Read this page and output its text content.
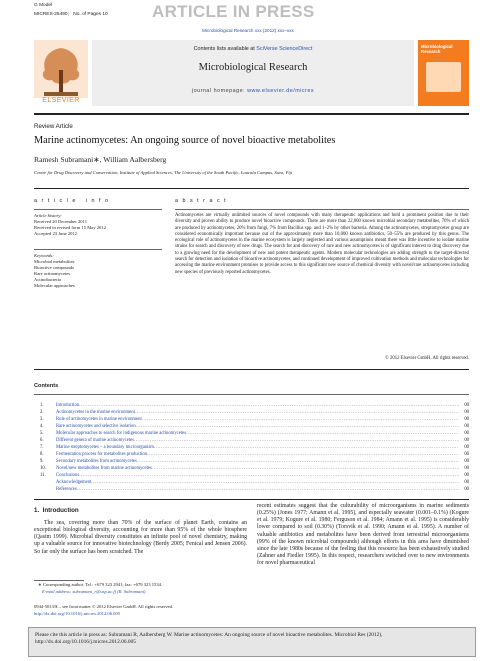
G Model
MICRES-25490; No. of Pages 10	ARTICLE IN PRESS
Microbiological Research xxx (2012) xxx–xxx
ELSEVIER
Contents lists available at SciVerse ScienceDirect
Microbiological Research
journal homepage: www.elsevier.de/micres
Microbiological Research
Review Article
Marine actinomycetes: An ongoing source of novel bioactive metabolites
Ramesh Subramani∗, William Aalbersberg
Centre for Drug Discovery and Conservation, Institute of Applied Sciences, The University of the South Pacific, Laucala Campus, Suva, Fiji
a r t i c l e   i n f o
Article history:
Received 20 December 2011
Received in revised form 15 May 2012
Accepted 23 June 2012
Keywords:
Microbial metabolites
Bioactive compounds
Rare actinomycetes
Actinobacteria
Molecular approaches
a b s t r a c t
Actinomycetes are virtually unlimited sources of novel compounds with many therapeutic applications and hold a prominent position due to their diversity and proven ability to produce novel bioactive compounds. There are more than 22,000 known microbial secondary metabolites, 70% of which are produced by actinomycetes, 20% from fungi, 7% from Bacillus spp. and 1–2% by other bacteria. Among the actinomycetes, streptomycetes group are considered economically important because out of the approximately more than 10,000 known antibiotics, 50–55% are produced by this genus. The ecological role of actinomycetes in the marine ecosystem is largely neglected and various assumptions meant there was little incentive to isolate marine strains for search and discovery of new drugs. The search for and discovery of rare and new actinomycetes is of significant interest to drug discovery due to a growing need for the development of new and potent therapeutic agents. Modern molecular technologies are adding strength to the target-directed search for detection and isolation of bioactive actinomycetes, and continued development of improved cultivation methods and molecular technologies for accessing the marine environment promises to provide access to this significant new source of chemical diversity with novel/rare actinomycetes including new species of previously reported actinomycetes.
© 2012 Elsevier GmbH. All rights reserved.
Contents
1.	Introduction .....	00
2.	Actinomycetes in the marine environment .....	00
3.	Role of actinomycetes in marine environment .....	00
4.	Rare actinomycetes and selective isolation .....	00
5.	Molecular approaches to search for indigenous marine actinomycetes .....	00
6.	Different genera of marine actinomycetes .....	00
7.	Marine streptomycetes – a boundary microorganism .....	00
8.	Fermentation process for metabolites production .....	00
9.	Secondary metabolites from actinomycetes .....	00
10.	Novel/new metabolites from marine actinomycetes .....	00
11.	Conclusions .....	00
Acknowledgement .....	00
References .....	00
1.  Introduction
The sea, covering more than 70% of the surface of planet Earth, contains an exceptional biological diversity, accounting for more than 95% of the whole biosphere (Qasim 1999). Microbial diversity constitutes an infinite pool of novel chemistry, making up a valuable source for innovative biotechnology (Berdy 2005; Fenical and Jensen 2006). So far only the surface has been scratched. The
recent estimates suggest that the culturability of microorganisms in marine sediments (0.25%) (Jones 1977; Amann et al. 1995), and especially seawater (0.001–0.1%) (Kogure et al. 1979; Kogure et al. 1980; Ferguson et al. 1984; Amann et al. 1995) is considerably lower compared to soil (0.30%) (Torsvik et al. 1990; Amann et al. 1995). A number of valuable antibiotics and metabolites have been derived from terrestrial microorganisms (99% of the known microbial compounds) although efforts in this area have diminished since the late 1980s because of the feeling that this resource has been exhaustively studied (Zahner and Fiedler 1995). In this respect, researchers switched over to new environments for novel pharmaceutical
∗ Corresponding author. Tel.: +679 323 2941; fax: +679 323 1534.
E-mail address: subramani_r@usp.ac.fj (R. Subramani).
0944-5013/$ – see front matter © 2012 Elsevier GmbH. All rights reserved.
http://dx.doi.org/10.1016/j.micres.2012.06.005
Please cite this article in press as: Subramani R, Aalbersberg W. Marine actinomycetes: An ongoing source of novel bioactive metabolites. Microbiol Res (2012), http://dx.doi.org/10.1016/j.micres.2012.06.005
